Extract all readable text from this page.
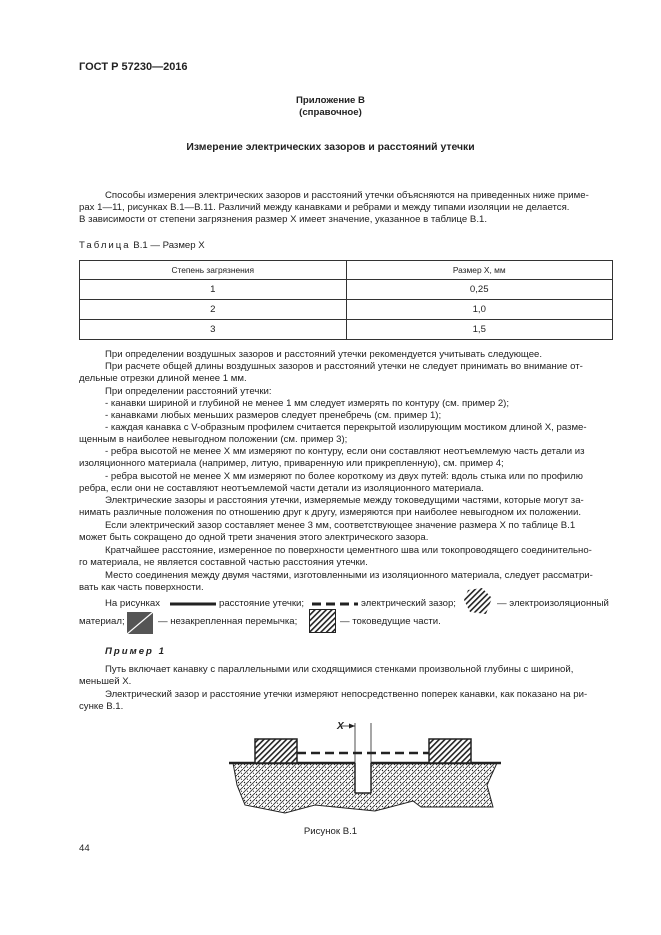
ГОСТ Р 57230—2016
Приложение В
(справочное)
Измерение электрических зазоров и расстояний утечки
Способы измерения электрических зазоров и расстояний утечки объясняются на приведенных ниже приме-
рах 1—11, рисунках В.1—В.11. Различий между канавками и ребрами и между типами изоляции не делается.
В зависимости от степени загрязнения размер X имеет значение, указанное в таблице В.1.
Таблица В.1 — Размер X
Степень загрязнения	Размер X, мм
1	0,25
2	1,0
3	1,5
При определении воздушных зазоров и расстояний утечки рекомендуется учитывать следующее.
При расчете общей длины воздушных зазоров и расстояний утечки не следует принимать во внимание от-
дельные отрезки длиной менее 1 мм.
При определении расстояний утечки:
- канавки шириной и глубиной не менее 1 мм следует измерять по контуру (см. пример 2);
- канавками любых меньших размеров следует пренебречь (см. пример 1);
- каждая канавка с V-образным профилем считается перекрытой изолирующим мостиком длиной X, разме-
щенным в наиболее невыгодном положении (см. пример 3);
- ребра высотой не менее X мм измеряют по контуру, если они составляют неотъемлемую часть детали из
изоляционного материала (например, литую, приваренную или прикрепленную), см. пример 4;
- ребра высотой не менее X мм измеряют по более короткому из двух путей: вдоль стыка или по профилю
ребра, если они не составляют неотъемлемой части детали из изоляционного материала.
Электрические зазоры и расстояния утечки, измеряемые между токоведущими частями, которые могут за-
нимать различные положения по отношению друг к другу, измеряются при наиболее невыгодном их положении.
Если электрический зазор составляет менее 3 мм, соответствующее значение размера X по таблице В.1
может быть сокращено до одной трети значения этого электрического зазора.
Кратчайшее расстояние, измеренное по поверхности цементного шва или токопроводящего соединительно-
го материала, не является составной частью расстояния утечки.
Место соединения между двумя частями, изготовленными из изоляционного материала, следует рассматри-
вать как часть поверхности.
На рисунках	расстояние утечки;	электрический зазор;	— электроизоляционный
материал;	— незакрепленная перемычка;	— токоведущие части.
Пример 1
Путь включает канавку с параллельными или сходящимися стенками произвольной глубины с шириной,
меньшей X.
Электрический зазор и расстояние утечки измеряют непосредственно поперек канавки, как показано на ри-
сунке В.1.
X
Рисунок В.1
44
